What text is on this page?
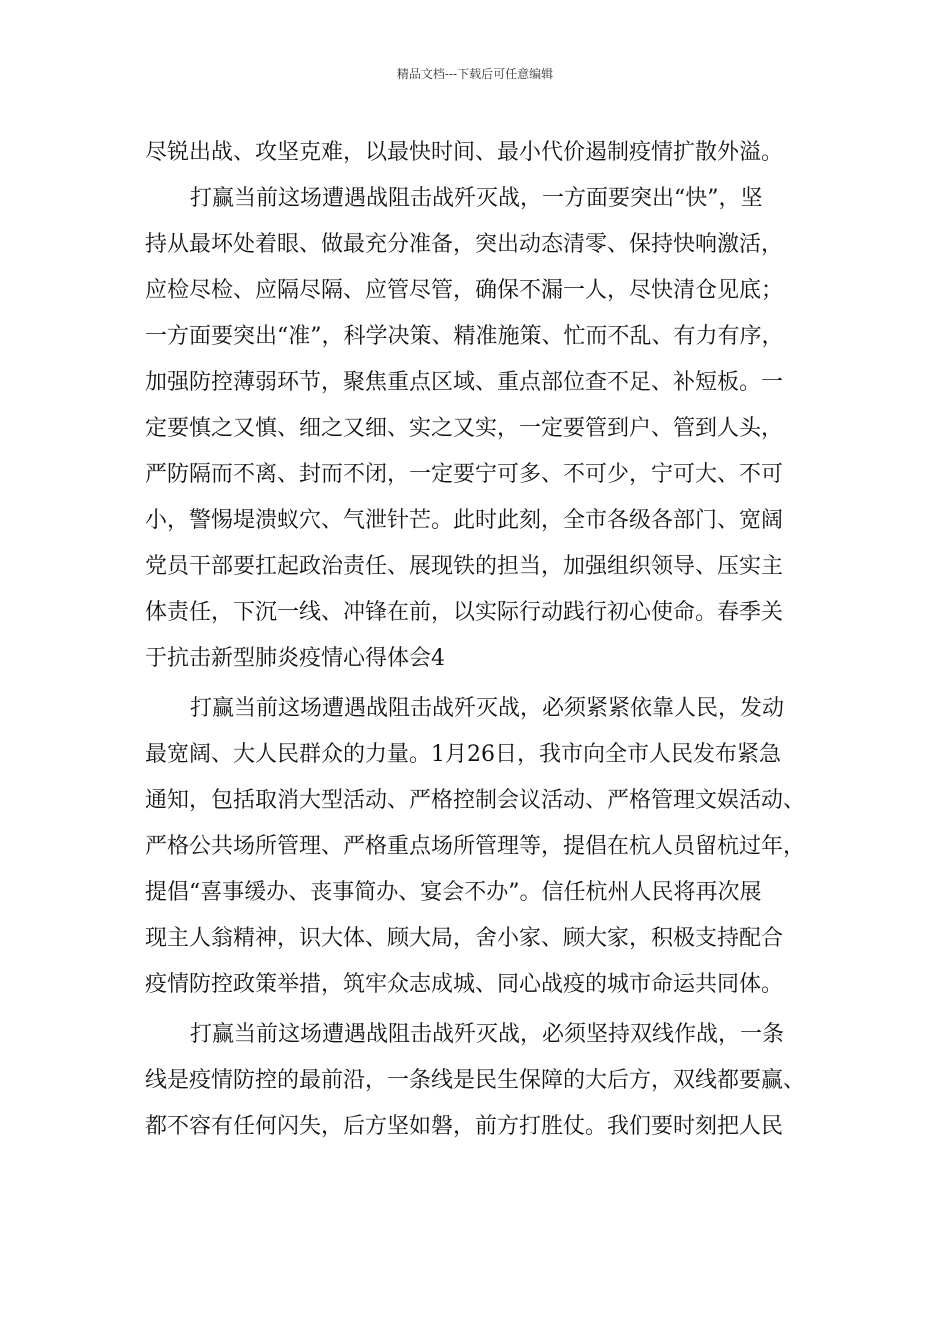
精品文档---下载后可任意编辑
尽锐出战、攻坚克难，以最快时间、最小代价遏制疫情扩散外溢。
打赢当前这场遭遇战阻击战歼灭战，一方面要突出“快”，坚
持从最坏处着眼、做最充分准备，突出动态清零、保持快响激活，
应检尽检、应隔尽隔、应管尽管，确保不漏一人，尽快清仓见底；
一方面要突出“准”，科学决策、精准施策、忙而不乱、有力有序，
加强防控薄弱环节，聚焦重点区域、重点部位查不足、补短板。一
定要慎之又慎、细之又细、实之又实，一定要管到户、管到人头，
严防隔而不离、封而不闭，一定要宁可多、不可少，宁可大、不可
小，警惕堤溃蚁穴、气泄针芒。此时此刻，全市各级各部门、宽阔
党员干部要扛起政治责任、展现铁的担当，加强组织领导、压实主
体责任，下沉一线、冲锋在前，以实际行动践行初心使命。春季关
于抗击新型肺炎疫情心得体会4
打赢当前这场遭遇战阻击战歼灭战，必须紧紧依靠人民，发动
最宽阔、大人民群众的力量。1月26日，我市向全市人民发布紧急
通知，包括取消大型活动、严格控制会议活动、严格管理文娱活动、
严格公共场所管理、严格重点场所管理等，提倡在杭人员留杭过年，
提倡“喜事缓办、丧事简办、宴会不办”。信任杭州人民将再次展
现主人翁精神，识大体、顾大局，舍小家、顾大家，积极支持配合
疫情防控政策举措，筑牢众志成城、同心战疫的城市命运共同体。
打赢当前这场遭遇战阻击战歼灭战，必须坚持双线作战，一条
线是疫情防控的最前沿，一条线是民生保障的大后方，双线都要赢、
都不容有任何闪失，后方坚如磐，前方打胜仗。我们要时刻把人民
